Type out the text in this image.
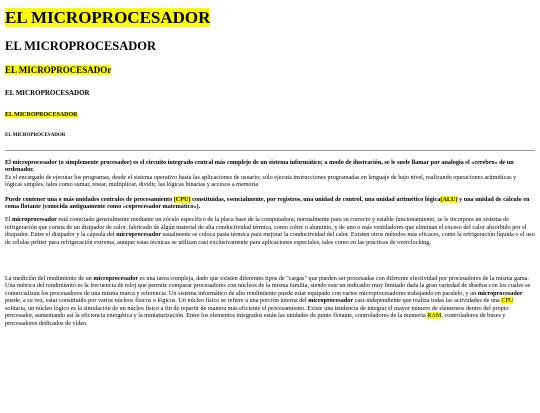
EL MICROPROCESADOR
EL MICROPROCESADOR
EL MICROPROCESADOr
EL MICROPROCESADOR
EL MICROPROCESADOR
EL MICROPROCESADOR

El microprocesador (o simplemente procesador) es el circuito integrado central más complejo de un sistema informático; a modo de ilustración, se le suele llamar por analogía el «cerebro» de un ordenador.

Es el encargado de ejecutar los programas, desde el sistema operativo hasta las aplicaciones de usuario; sólo ejecuta instrucciones programadas en lenguaje de bajo nivel, realizando operaciones aritméticas y lógicas simples, tales como sumar, restar, multiplicar, dividir, las lógicas binarias y accesos a memoria

Puede contener una o más unidades centrales de procesamiento (CPU) constituidas, esencialmente, por registros, una unidad de control, una unidad aritmético lógica(ALU) y una unidad de cálculo en coma flotante (conocida antiguamente como «coprocesador matemático»).

El microprocesador está conectado generalmente mediante un zócalo específico de la placa base de la computadora; normalmente para su correcto y estable funcionamiento, se le incorpora un sistema de refrigeración que consta de un disipador de calor, fabricado de algún material de alta conductividad térmica, como cobre o aluminio, y de uno o más ventiladores que eliminan el exceso del calor absorbido por el disipador. Entre el disipador y la cápsula del microprocesador usualmente se coloca pasta térmica para mejorar la conductividad del calor. Existen otros métodos más eficaces, como la refrigeración líquida o el uso de células peltier para refrigeración extrema, aunque estas técnicas se utilizan casi exclusivamente para aplicaciones especiales, tales como en las prácticas de overclocking.

La medición del rendimiento de un microprocesador es una tarea compleja, dado que existen diferentes tipos de "cargas" que pueden ser procesadas con diferente efectividad por procesadores de la misma gama. Una métrica del rendimiento es la frecuencia de reloj que permite comparar procesadores con núcleos de la misma familia, siendo este un indicador muy limitado dada la gran variedad de diseños con los cuales se comercializan los procesadores de una misma marca y referencia. Un sistema informático de alto rendimiento puede estar equipado con varios microprocesadores trabajando en paralelo, y un microprocesador puede, a su vez, estar constituido por varios núcleos físicos o lógicos. Un núcleo físico se refiere a una porción interna del microprocesador casi-independiente que realiza todas las actividades de una CPU solitaria, un núcleo lógico es la simulación de un núcleo físico a fin de repartir de manera más eficiente el procesamiento. Existe una tendencia de integrar el mayor número de elementos dentro del propio procesador, aumentando así la eficiencia energética y la miniaturización. Entre los elementos integrados están las unidades de punto flotante, controladores de la memoria RAM, controladores de buses y procesadores dedicados de vídeo.
